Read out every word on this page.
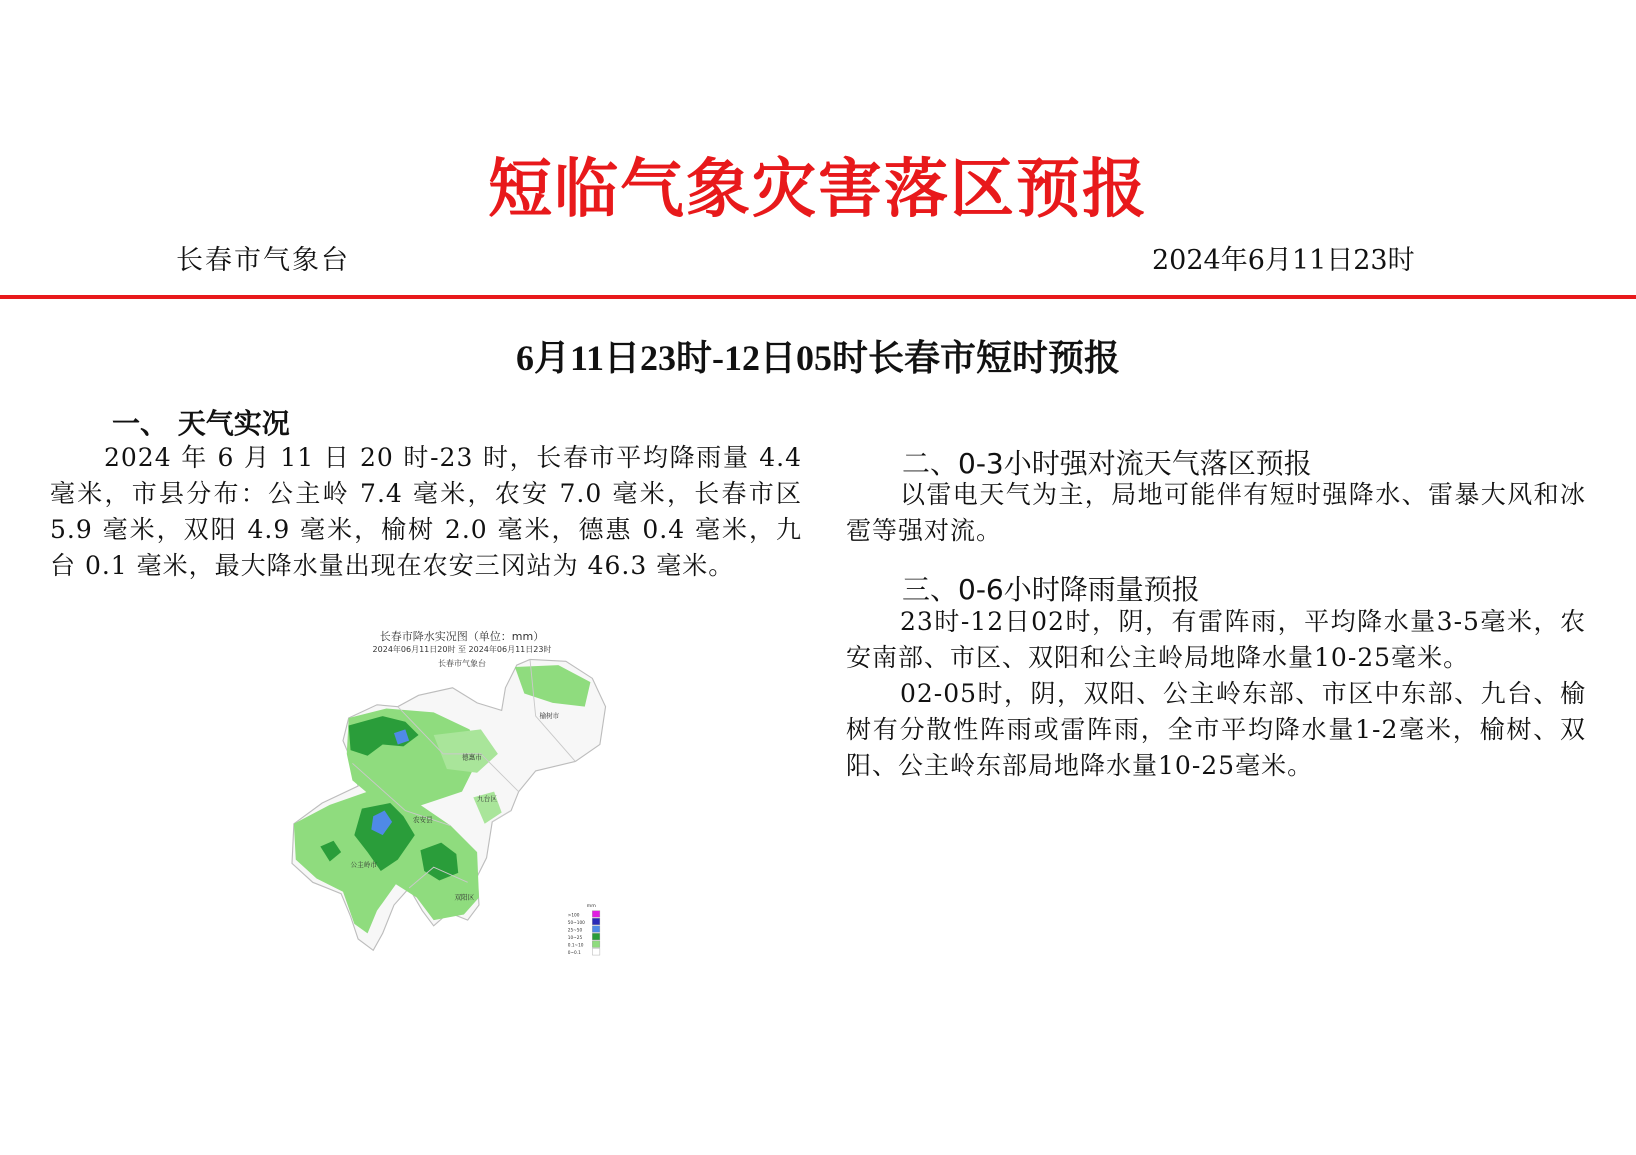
短临气象灾害落区预报
长春市气象台	2024年6月11日23时
6月11日23时-12日05时长春市短时预报
一、 天气实况
2024 年 6 月 11 日 20 时-23 时，长春市平均降雨量 4.4 毫米，市县分布：公主岭 7.4 毫米，农安 7.0 毫米，长春市区 5.9 毫米，双阳 4.9 毫米，榆树 2.0 毫米，德惠 0.4 毫米，九台 0.1 毫米，最大降水量出现在农安三冈站为 46.3 毫米。
长春市降水实况图（单位：mm）
2024年06月11日20时 至 2024年06月11日23时
长春市气象台
榆树市
德惠市
九台区
农安县
公主岭市
双阳区
mm
>100
50~100
25~50
10~25
0.1~10
0~0.1
二、0-3小时强对流天气落区预报
以雷电天气为主，局地可能伴有短时强降水、雷暴大风和冰雹等强对流。
三、0-6小时降雨量预报
23时-12日02时，阴，有雷阵雨，平均降水量3-5毫米，农安南部、市区、双阳和公主岭局地降水量10-25毫米。
02-05时，阴，双阳、公主岭东部、市区中东部、九台、榆树有分散性阵雨或雷阵雨，全市平均降水量1-2毫米，榆树、双阳、公主岭东部局地降水量10-25毫米。
